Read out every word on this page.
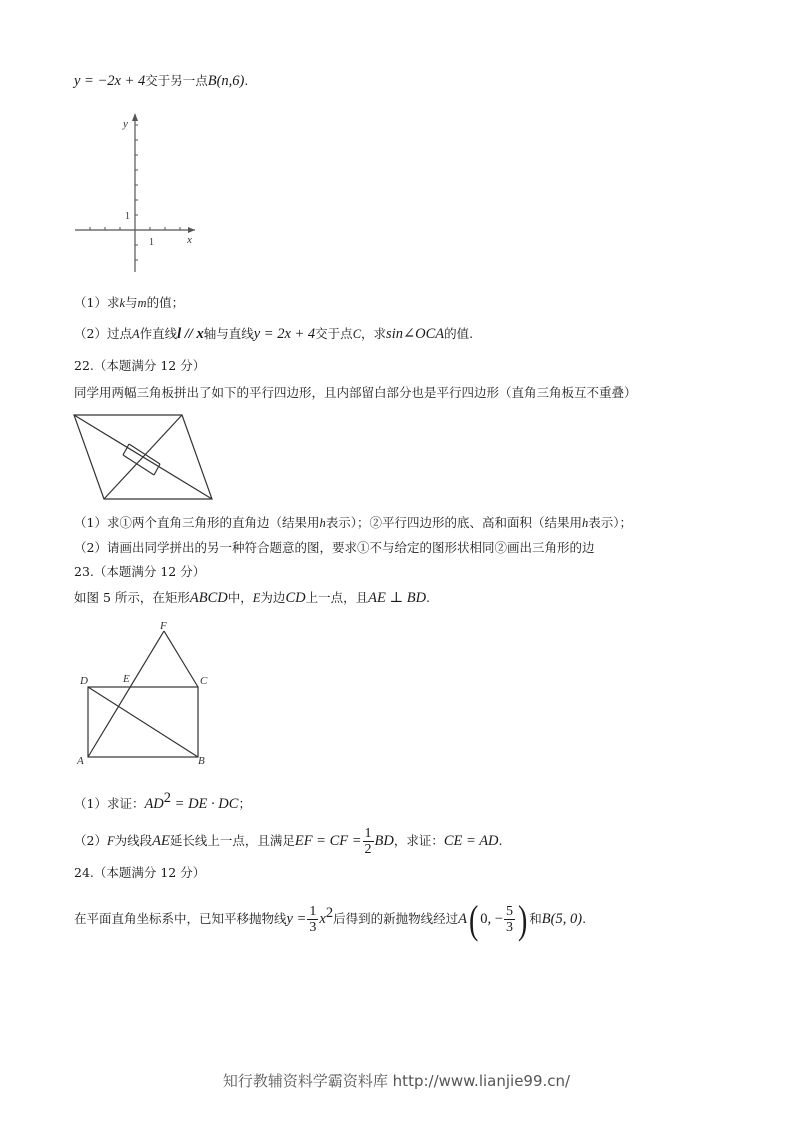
y = −2x + 4交于另一点B(n,6).
y
x
1
1
（1）求k与m的值；
（2）过点A作直线l // x轴与直线y = 2x + 4交于点C，求sin∠OCA的值.
22.（本题满分 12 分）
同学用两幅三角板拼出了如下的平行四边形，且内部留白部分也是平行四边形（直角三角板互不重叠）
（1）求①两个直角三角形的直角边（结果用h表示）；②平行四边形的底、高和面积（结果用h表示）；
（2）请画出同学拼出的另一种符合题意的图，要求①不与给定的图形状相同②画出三角形的边
23.（本题满分 12 分）
如图 5 所示，在矩形ABCD中，E为边CD上一点，且AE ⊥ BD.
F
D	E	C
A	B
（1）求证：$AD^2$ = DE · DC；
（2）F为线段AE延长线上一点，且满足EF = CF = $\frac{1}{2}$ BD，求证：CE = AD.
24.（本题满分 12 分）
在平面直角坐标系中，已知平移抛物线$y = \frac{1}{3} x^2$后得到的新抛物线经过A( 0, − $\frac{5}{3}$ ) 和B(5, 0).
知行教辅资料学霸资料库 http://www.lianjie99.cn/
